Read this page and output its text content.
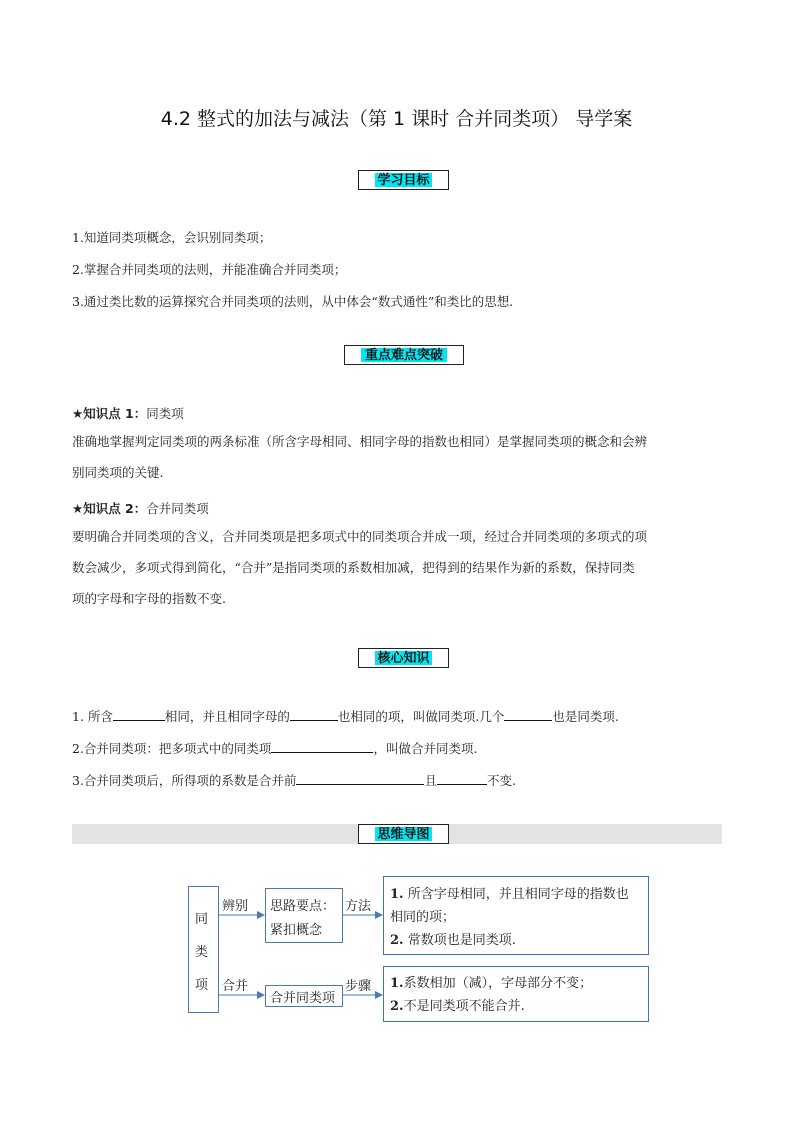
4.2 整式的加法与减法（第 1 课时 合并同类项） 导学案
学习目标
1.知道同类项概念，会识别同类项；
2.掌握合并同类项的法则，并能准确合并同类项；
3.通过类比数的运算探究合并同类项的法则，从中体会“数式通性”和类比的思想.
重点难点突破
★知识点 1：同类项
准确地掌握判定同类项的两条标准（所含字母相同、相同字母的指数也相同）是掌握同类项的概念和会辨
别同类项的关键.
★知识点 2：合并同类项
要明确合并同类项的含义，合并同类项是把多项式中的同类项合并成一项，经过合并同类项的多项式的项
数会减少，多项式得到简化，“合并”是指同类项的系数相加减，把得到的结果作为新的系数，保持同类
项的字母和字母的指数不变.
核心知识
1. 所含	相同，并且相同字母的	也相同的项，叫做同类项.几个	也是同类项.
2.合并同类项：把多项式中的同类项	，叫做合并同类项.
3.合并同类项后，所得项的系数是合并前	且	不变.
思维导图
同
类
项
辨别 思路要点：
紧扣概念
方法
1. 所含字母相同，并且相同字母的指数也
相同的项；
2. 常数项也是同类项.
合并
合并同类项
步骤 1.系数相加（减），字母部分不变；
2.不是同类项不能合并.
